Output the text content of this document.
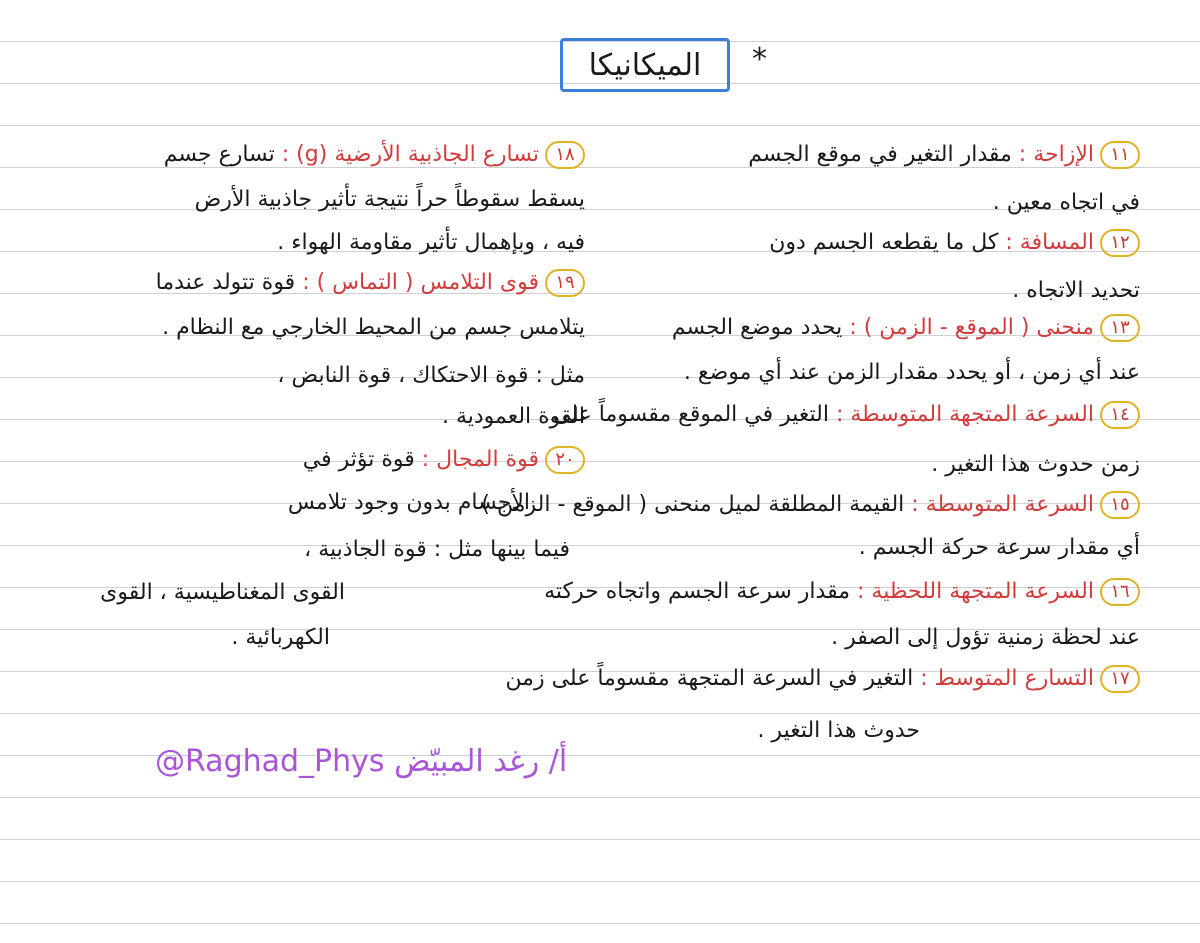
*
الميكانيكا
١١الإزاحة : مقدار التغير في موقع الجسم
في اتجاه معين .
١٢المسافة : كل ما يقطعه الجسم دون
تحديد الاتجاه .
١٣منحنى ( الموقع - الزمن ) : يحدد موضع الجسم
عند أي زمن ، أو يحدد مقدار الزمن عند أي موضع .
١٤السرعة المتجهة المتوسطة : التغير في الموقع مقسوماً على
زمن حدوث هذا التغير .
١٥السرعة المتوسطة : القيمة المطلقة لميل منحنى ( الموقع - الزمن )
أي مقدار سرعة حركة الجسم .
١٦السرعة المتجهة اللحظية : مقدار سرعة الجسم واتجاه حركته
عند لحظة زمنية تؤول إلى الصفر .
١٧التسارع المتوسط : التغير في السرعة المتجهة مقسوماً على زمن
حدوث هذا التغير .
١٨تسارع الجاذبية الأرضية (g) : تسارع جسم
يسقط سقوطاً حراً نتيجة تأثير جاذبية الأرض
فيه ، وبإهمال تأثير مقاومة الهواء .
١٩قوى التلامس ( التماس ) : قوة تتولد عندما
يتلامس جسم من المحيط الخارجي مع النظام .
مثل : قوة الاحتكاك ، قوة النابض ،
القوة العمودية .
٢٠قوة المجال : قوة تؤثر في
الأجسام بدون وجود تلامس
فيما بينها مثل : قوة الجاذبية ،
القوى المغناطيسية ، القوى
الكهربائية .
@Raghad_Phys أ/ رغد المبيّض
